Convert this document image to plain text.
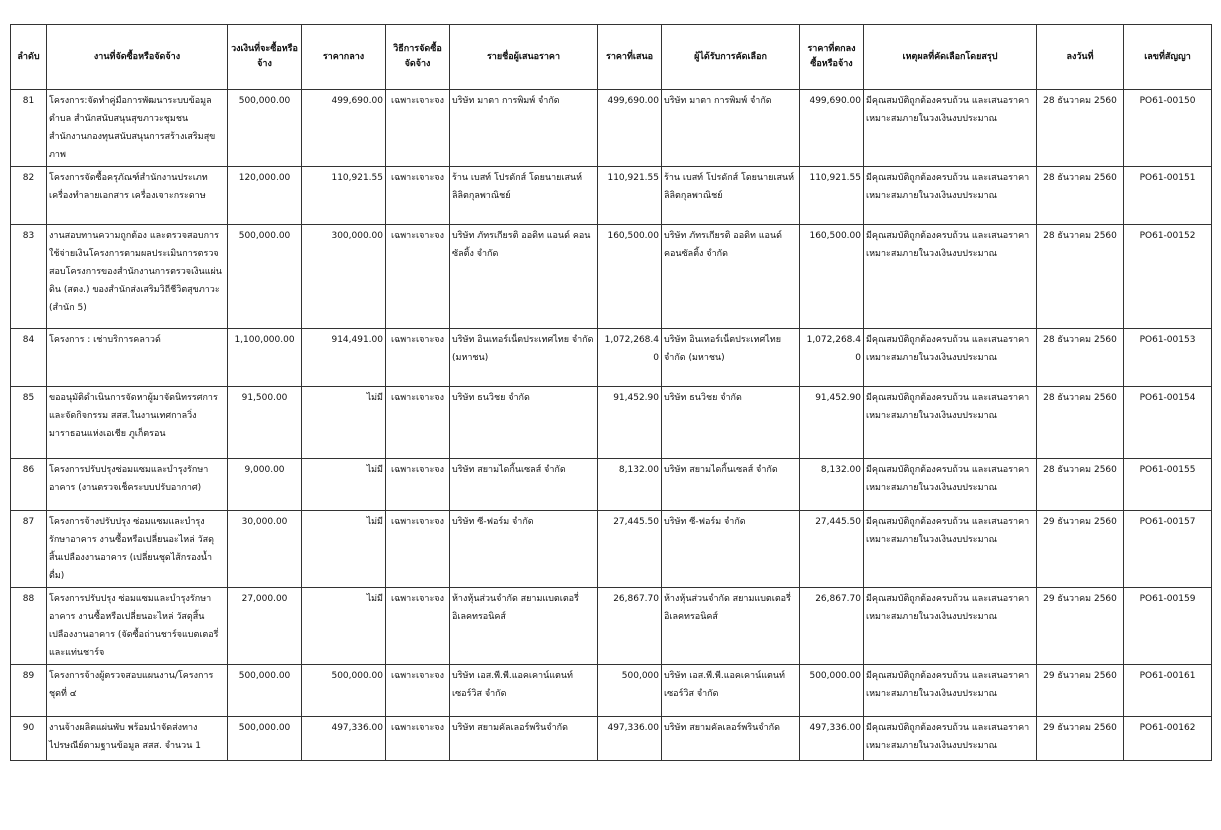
ลำดับ	งานที่จัดซื้อหรือจัดจ้าง	วงเงินที่จะซื้อหรือจ้าง	ราคากลาง	วิธีการจัดซื้อจัดจ้าง	รายชื่อผู้เสนอราคา	ราคาที่เสนอ	ผู้ได้รับการคัดเลือก	ราคาที่ตกลงซื้อหรือจ้าง	เหตุผลที่คัดเลือกโดยสรุป	ลงวันที่	เลขที่สัญญา
81	โครงการ:จัดทำคู่มือการพัฒนาระบบข้อมูลตำบล สำนักสนับสนุนสุขภาวะชุมชน สำนักงานกองทุนสนับสนุนการสร้างเสริมสุขภาพ	500,000.00	499,690.00	เฉพาะเจาะจง	บริษัท มาตา การพิมพ์ จำกัด	499,690.00	บริษัท มาตา การพิมพ์ จำกัด	499,690.00	มีคุณสมบัติถูกต้องครบถ้วน และเสนอราคาเหมาะสมภายในวงเงินงบประมาณ	28 ธันวาคม 2560	PO61-00150
82	โครงการจัดซื้อครุภัณฑ์สำนักงานประเภท เครื่องทำลายเอกสาร เครื่องเจาะกระดาษ	120,000.00	110,921.55	เฉพาะเจาะจง	ร้าน เบสท์ โปรดักส์ โดยนายเสนห์ ลิลิตกุลพาณิชย์	110,921.55	ร้าน เบสท์ โปรดักส์ โดยนายเสนห์ ลิลิตกุลพาณิชย์	110,921.55	มีคุณสมบัติถูกต้องครบถ้วน และเสนอราคาเหมาะสมภายในวงเงินงบประมาณ	28 ธันวาคม 2560	PO61-00151
83	งานสอบทานความถูกต้อง และตรวจสอบการใช้จ่ายเงินโครงการตามผลประเมินการตรวจสอบโครงการของสำนักงานการตรวจเงินแผ่นดิน (สตง.) ของสำนักส่งเสริมวิถีชีวิตสุขภาวะ (สำนัก 5)	500,000.00	300,000.00	เฉพาะเจาะจง	บริษัท ภัทรเกียรติ ออดิท แอนด์ คอนซัลติ้ง จำกัด	160,500.00	บริษัท ภัทรเกียรติ ออดิท แอนด์ คอนซัลติ้ง จำกัด	160,500.00	มีคุณสมบัติถูกต้องครบถ้วน และเสนอราคาเหมาะสมภายในวงเงินงบประมาณ	28 ธันวาคม 2560	PO61-00152
84	โครงการ : เช่าบริการคลาวด์	1,100,000.00	914,491.00	เฉพาะเจาะจง	บริษัท อินเทอร์เน็ตประเทศไทย จำกัด (มหาชน)	1,072,268.40	บริษัท อินเทอร์เน็ตประเทศไทย จำกัด (มหาชน)	1,072,268.40	มีคุณสมบัติถูกต้องครบถ้วน และเสนอราคาเหมาะสมภายในวงเงินงบประมาณ	28 ธันวาคม 2560	PO61-00153
85	ขออนุมัติดำเนินการจัดหาผู้มาจัดนิทรรศการและจัดกิจกรรม สสส.ในงานเทศกาลวิ่งมาราธอนแห่งเอเชีย ภูเก็ตรอน	91,500.00	ไม่มี	เฉพาะเจาะจง	บริษัท ธนวิชย จำกัด	91,452.90	บริษัท ธนวิชย จำกัด	91,452.90	มีคุณสมบัติถูกต้องครบถ้วน และเสนอราคาเหมาะสมภายในวงเงินงบประมาณ	28 ธันวาคม 2560	PO61-00154
86	โครงการปรับปรุงซ่อมแซมและบำรุงรักษาอาคาร (งานตรวจเช็คระบบปรับอากาศ)	9,000.00	ไม่มี	เฉพาะเจาะจง	บริษัท สยามไดกิ้นเซลส์ จำกัด	8,132.00	บริษัท สยามไดกิ้นเซลส์ จำกัด	8,132.00	มีคุณสมบัติถูกต้องครบถ้วน และเสนอราคาเหมาะสมภายในวงเงินงบประมาณ	28 ธันวาคม 2560	PO61-00155
87	โครงการจ้างปรับปรุง ซ่อมแซมและบำรุงรักษาอาคาร งานซื้อหรือเปลี่ยนอะไหล่ วัสดุสิ้นเปลืองงานอาคาร (เปลี่ยนชุดไส้กรองน้ำดื่ม)	30,000.00	ไม่มี	เฉพาะเจาะจง	บริษัท ซี-ฟอร์ม จำกัด	27,445.50	บริษัท ซี-ฟอร์ม จำกัด	27,445.50	มีคุณสมบัติถูกต้องครบถ้วน และเสนอราคาเหมาะสมภายในวงเงินงบประมาณ	29 ธันวาคม 2560	PO61-00157
88	โครงการปรับปรุง ซ่อมแซมและบำรุงรักษาอาคาร งานซื้อหรือเปลี่ยนอะไหล่ วัสดุสิ้นเปลืองงานอาคาร (จัดซื้อถ่านชาร์จแบตเตอรี่และแท่นชาร์จ	27,000.00	ไม่มี	เฉพาะเจาะจง	ห้างหุ้นส่วนจำกัด สยามแบตเตอรี่อิเลคทรอนิคส์	26,867.70	ห้างหุ้นส่วนจำกัด สยามแบตเตอรี่อิเลคทรอนิคส์	26,867.70	มีคุณสมบัติถูกต้องครบถ้วน และเสนอราคาเหมาะสมภายในวงเงินงบประมาณ	29 ธันวาคม 2560	PO61-00159
89	โครงการจ้างผู้ตรวจสอบแผนงาน/โครงการ ชุดที่ ๔	500,000.00	500,000.00	เฉพาะเจาะจง	บริษัท เอส.พี.พี.แอคเคาน์แตนท์ เซอร์วิส จำกัด	500,000	บริษัท เอส.พี.พี.แอคเคาน์แตนท์ เซอร์วิส จำกัด	500,000.00	มีคุณสมบัติถูกต้องครบถ้วน และเสนอราคาเหมาะสมภายในวงเงินงบประมาณ	29 ธันวาคม 2560	PO61-00161
90	งานจ้างผลิตแผ่นพับ พร้อมนำจัดส่งทางไปรษณีย์ตามฐานข้อมูล สสส. จำนวน 1	500,000.00	497,336.00	เฉพาะเจาะจง	บริษัท สยามคัลเลอร์พรินจำกัด	497,336.00	บริษัท สยามคัลเลอร์พรินจำกัด	497,336.00	มีคุณสมบัติถูกต้องครบถ้วน และเสนอราคาเหมาะสมภายในวงเงินงบประมาณ	29 ธันวาคม 2560	PO61-00162
